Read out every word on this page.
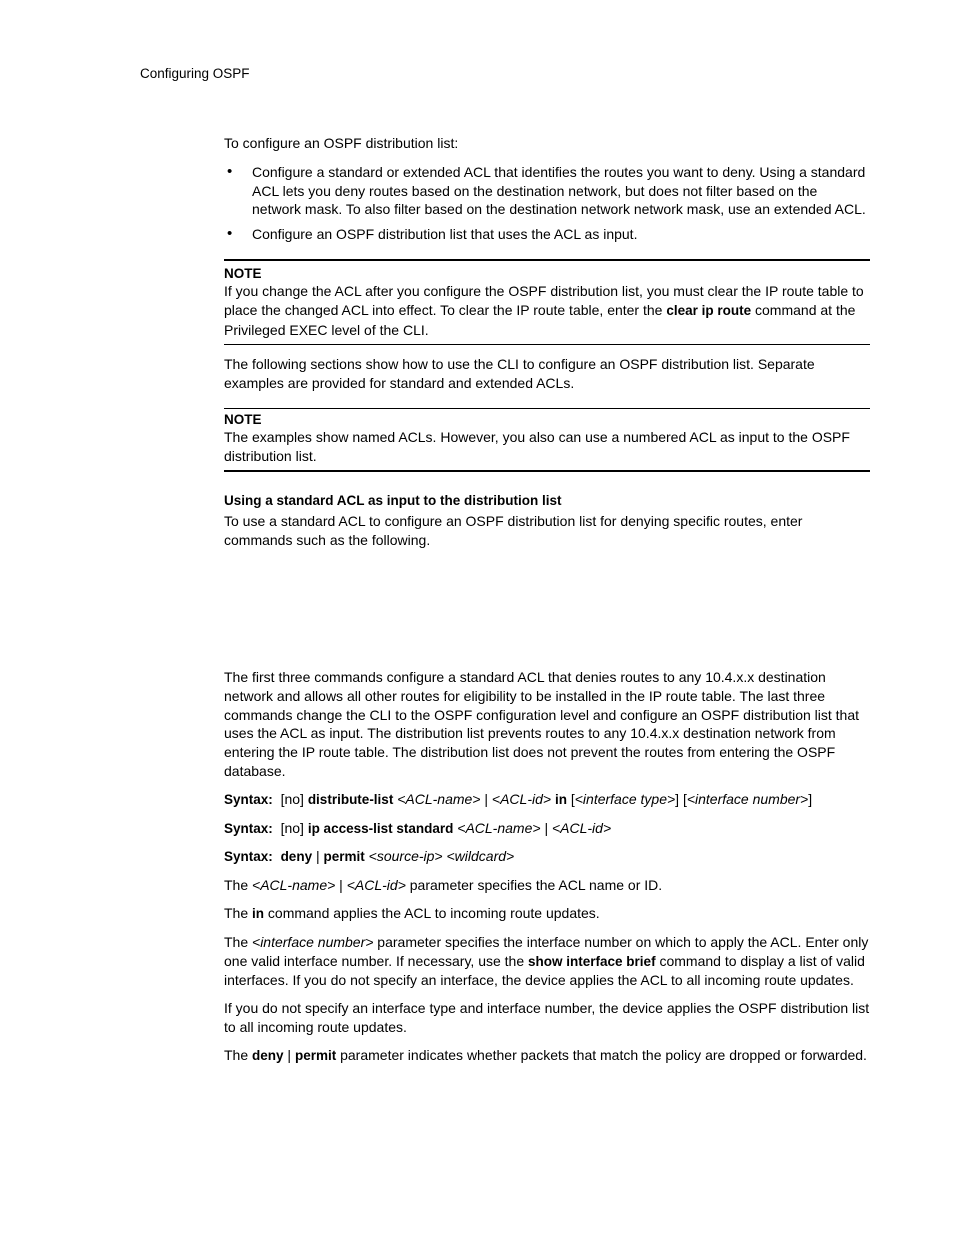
Configuring OSPF

To configure an OSPF distribution list:

• Configure a standard or extended ACL that identifies the routes you want to deny. Using a standard ACL lets you deny routes based on the destination network, but does not filter based on the network mask. To also filter based on the destination network network mask, use an extended ACL.
• Configure an OSPF distribution list that uses the ACL as input.
NOTE

If you change the ACL after you configure the OSPF distribution list, you must clear the IP route table to place the changed ACL into effect. To clear the IP route table, enter the clear ip route command at the Privileged EXEC level of the CLI.

The following sections show how to use the CLI to configure an OSPF distribution list. Separate examples are provided for standard and extended ACLs.

NOTE

The examples show named ACLs. However, you also can use a numbered ACL as input to the OSPF distribution list.

Using a standard ACL as input to the distribution list

To use a standard ACL to configure an OSPF distribution list for denying specific routes, enter commands such as the following.

The first three commands configure a standard ACL that denies routes to any 10.4.x.x destination network and allows all other routes for eligibility to be installed in the IP route table. The last three commands change the CLI to the OSPF configuration level and configure an OSPF distribution list that uses the ACL as input. The distribution list prevents routes to any 10.4.x.x destination network from entering the IP route table. The distribution list does not prevent the routes from entering the OSPF database.

Syntax: [no] distribute-list <ACL-name> | <ACL-id> in [<interface type>] [<interface number>]

Syntax: [no] ip access-list standard <ACL-name> | <ACL-id>

Syntax: deny | permit <source-ip> <wildcard>

The <ACL-name> | <ACL-id> parameter specifies the ACL name or ID.

The in command applies the ACL to incoming route updates.

The <interface number> parameter specifies the interface number on which to apply the ACL. Enter only one valid interface number. If necessary, use the show interface brief command to display a list of valid interfaces. If you do not specify an interface, the device applies the ACL to all incoming route updates.

If you do not specify an interface type and interface number, the device applies the OSPF distribution list to all incoming route updates.

The deny | permit parameter indicates whether packets that match the policy are dropped or forwarded.
